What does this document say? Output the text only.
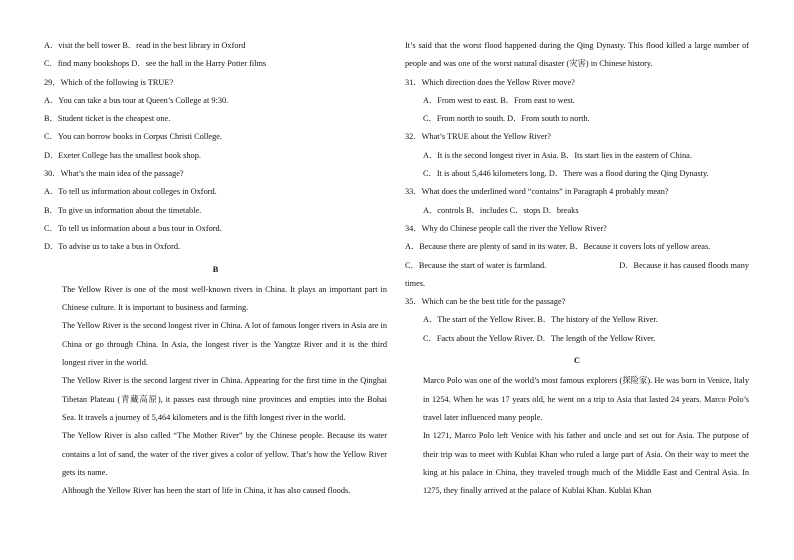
A．visit the bell tower B．read in the best library in Oxford
C．find many bookshops D．see the hall in the Harry Potter films
29．Which of the following is TRUE?
A．You can take a bus tour at Queen’s College at 9:30.
B．Student ticket is the cheapest one.
C．You can borrow books in Corpus Christi College.
D．Exeter College has the smallest book shop.
30．What’s the main idea of the passage?
A．To tell us information about colleges in Oxford.
B．To give us information about the timetable.
C．To tell us information about a bus tour in Oxford.
D．To advise us to take a bus in Oxford.
B

The Yellow River is one of the most well-known rivers in China. It plays an important part in Chinese culture. It is important to business and farming.

The Yellow River is the second longest river in China. A lot of famous longer rivers in Asia are in China or go through China. In Asia, the longest river is the Yangtze River and it is the third longest river in the world.

The Yellow River is the second largest river in China. Appearing for the first time in the Qinghai Tibetan Plateau (青藏高原), it passes east through nine provinces and empties into the Bohai Sea. It travels a journey of 5,464 kilometers and is the fifth longest river in the world.

The Yellow River is also called “The Mother River” by the Chinese people. Because its water contains a lot of sand, the water of the river gives a color of yellow. That’s how the Yellow River gets its name.

Although the Yellow River has been the start of life in China, it has also caused floods.

It’s said that the worst flood happened during the Qing Dynasty. This flood killed a large number of people and was one of the worst natural disaster (灾害) in Chinese history.

31．Which direction does the Yellow River move?
A．From west to east. B．From east to west.
C．From north to south. D．From south to north.
32．What’s TRUE about the Yellow River?
A．It is the second longest river in Asia. B．Its start lies in the eastern of China.
C．It is about 5,446 kilometers long. D．There was a flood during the Qing Dynasty.
33．What does the underlined word “contains” in Paragraph 4 probably mean?
A．controls B．includes C．stops D．breaks
34．Why do Chinese people call the river the Yellow River?
A．Because there are plenty of sand in its water. B．Because it covers lots of yellow areas.
C．Because the start of water is farmland.	D．Because it has caused floods many
times.
35．Which can be the best title for the passage?
A．The start of the Yellow River. B．The history of the Yellow River.
C．Facts about the Yellow River. D．The length of the Yellow River.
C

Marco Polo was one of the world’s most famous explorers (探险家). He was born in Venice, Italy in 1254. When he was 17 years old, he went on a trip to Asia that lasted 24 years. Marco Polo’s travel later influenced many people.

In 1271, Marco Polo left Venice with his father and uncle and set out for Asia. The purpose of their trip was to meet with Kublai Khan who ruled a large part of Asia. On their way to meet the king at his palace in China, they traveled trough much of the Middle East and Central Asia. In 1275, they finally arrived at the palace of Kublai Khan. Kublai Khan
